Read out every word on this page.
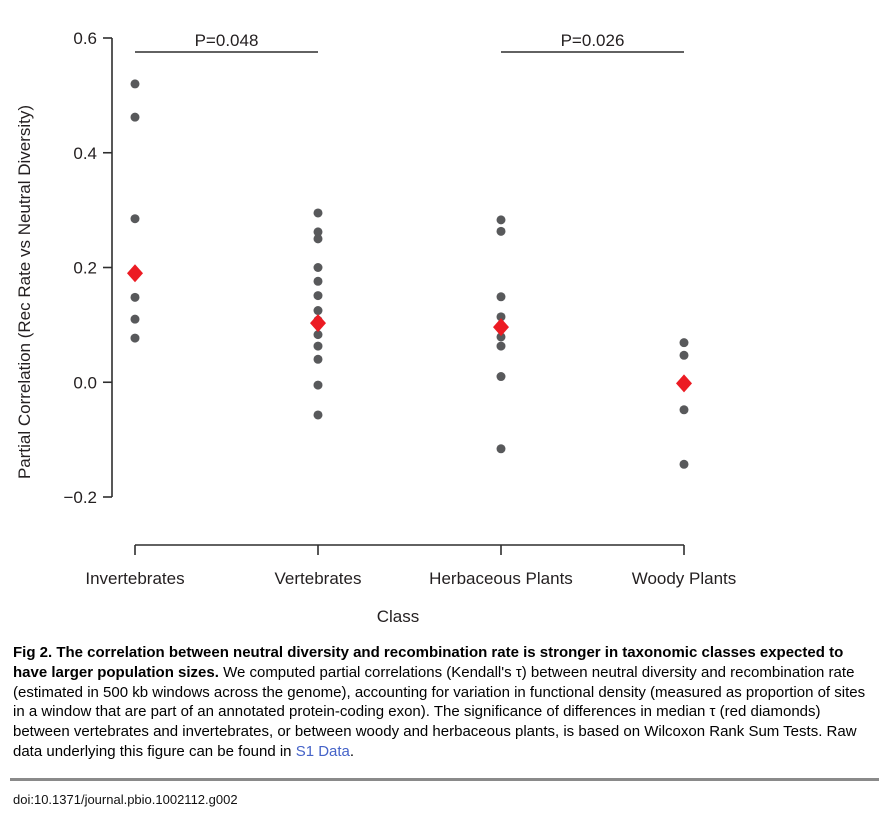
0.6
0.4
0.2
0.0
−0.2
Partial Correlation (Rec Rate vs Neutral Diversity)
Invertebrates	Vertebrates	Herbaceous Plants	Woody Plants
Class
P=0.048	P=0.026

Fig 2. The correlation between neutral diversity and recombination rate is stronger in taxonomic classes expected to have larger population sizes. We computed partial correlations (Kendall's τ) between neutral diversity and recombination rate (estimated in 500 kb windows across the genome), accounting for variation in functional density (measured as proportion of sites in a window that are part of an annotated protein-coding exon). The significance of differences in median τ (red diamonds) between vertebrates and invertebrates, or between woody and herbaceous plants, is based on Wilcoxon Rank Sum Tests. Raw data underlying this figure can be found in S1 Data.

doi:10.1371/journal.pbio.1002112.g002
